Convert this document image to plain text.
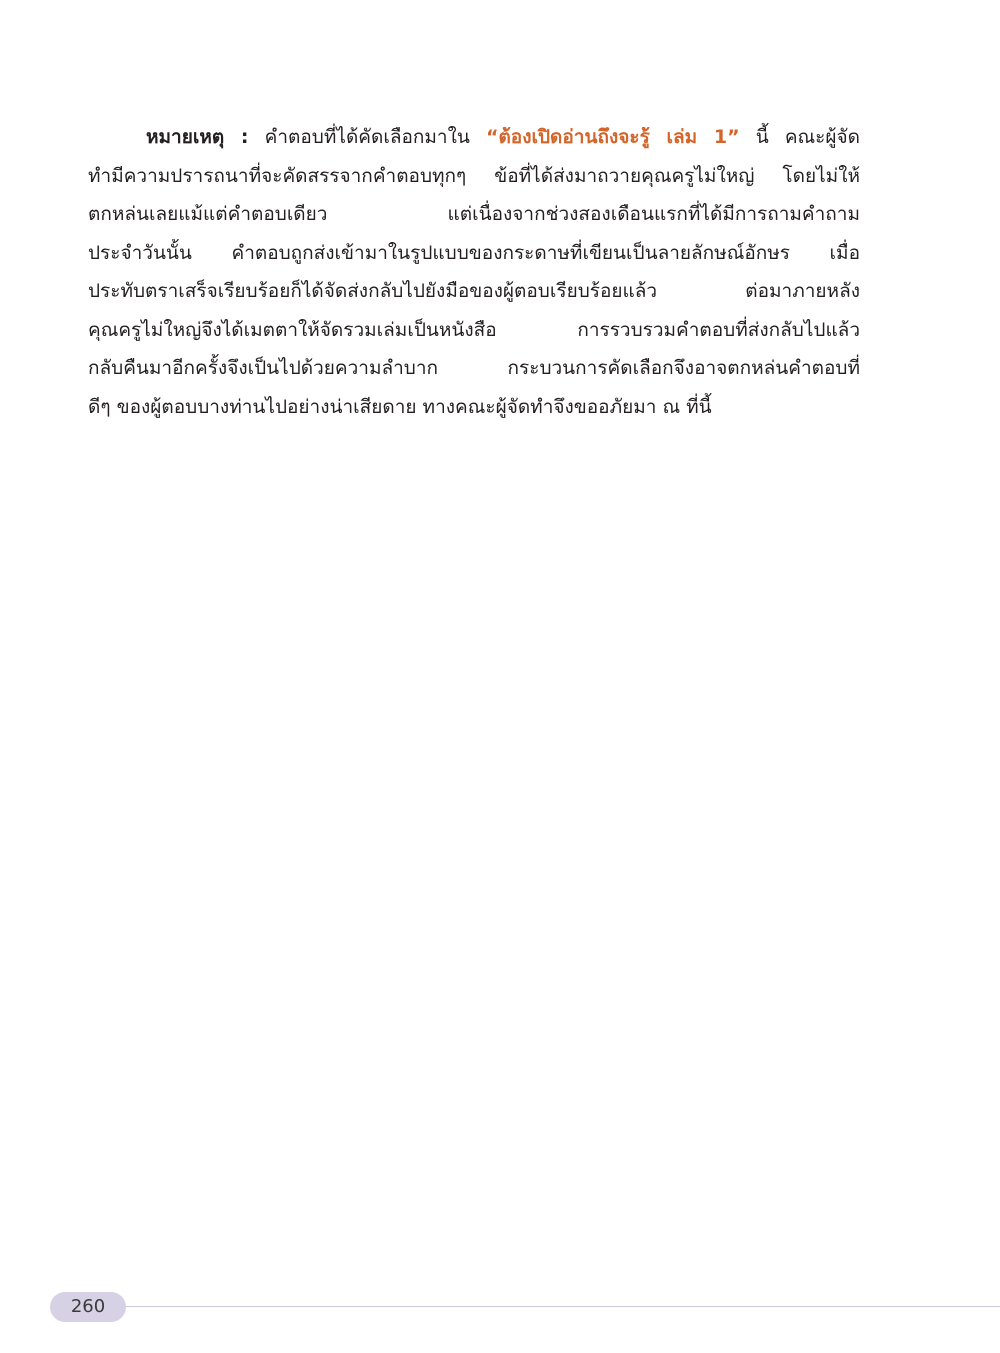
หมายเหตุ : คำตอบที่ได้คัดเลือกมาใน “ต้องเปิดอ่านถึงจะรู้ เล่ม 1” นี้ คณะผู้จัด
ทำมีความปรารถนาที่จะคัดสรรจากคำตอบทุกๆ ข้อที่ได้ส่งมาถวายคุณครูไม่ใหญ่ โดยไม่ให้
ตกหล่นเลยแม้แต่คำตอบเดียว แต่เนื่องจากช่วงสองเดือนแรกที่ได้มีการถามคำถาม
ประจำวันนั้น คำตอบถูกส่งเข้ามาในรูปแบบของกระดาษที่เขียนเป็นลายลักษณ์อักษร เมื่อ
ประทับตราเสร็จเรียบร้อยก็ได้จัดส่งกลับไปยังมือของผู้ตอบเรียบร้อยแล้ว ต่อมาภายหลัง
คุณครูไม่ใหญ่จึงได้เมตตาให้จัดรวมเล่มเป็นหนังสือ การรวบรวมคำตอบที่ส่งกลับไปแล้ว
กลับคืนมาอีกครั้งจึงเป็นไปด้วยความลำบาก กระบวนการคัดเลือกจึงอาจตกหล่นคำตอบที่
ดีๆ ของผู้ตอบบางท่านไปอย่างน่าเสียดาย ทางคณะผู้จัดทำจึงขออภัยมา ณ ที่นี้
260
